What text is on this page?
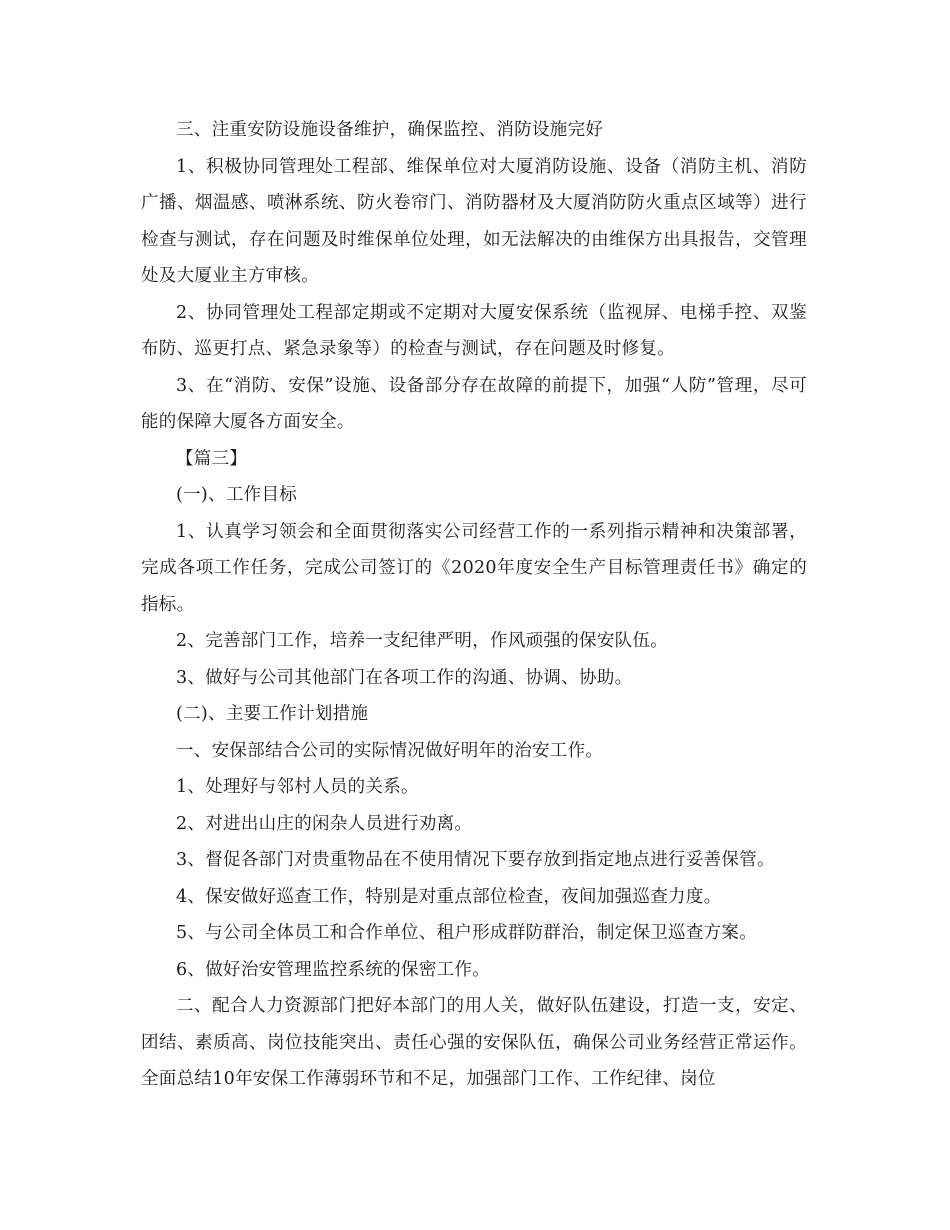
三、注重安防设施设备维护，确保监控、消防设施完好

1、积极协同管理处工程部、维保单位对大厦消防设施、设备（消防主机、消防广播、烟温感、喷淋系统、防火卷帘门、消防器材及大厦消防防火重点区域等）进行检查与测试，存在问题及时维保单位处理，如无法解决的由维保方出具报告，交管理处及大厦业主方审核。

2、协同管理处工程部定期或不定期对大厦安保系统（监视屏、电梯手控、双鉴布防、巡更打点、紧急录象等）的检查与测试，存在问题及时修复。

3、在“消防、安保”设施、设备部分存在故障的前提下，加强“人防”管理，尽可能的保障大厦各方面安全。

【篇三】

(一)、工作目标

1、认真学习领会和全面贯彻落实公司经营工作的一系列指示精神和决策部署，完成各项工作任务，完成公司签订的《2020年度安全生产目标管理责任书》确定的指标。

2、完善部门工作，培养一支纪律严明，作风顽强的保安队伍。

3、做好与公司其他部门在各项工作的沟通、协调、协助。

(二)、主要工作计划措施

一、安保部结合公司的实际情况做好明年的治安工作。

1、处理好与邻村人员的关系。

2、对进出山庄的闲杂人员进行劝离。

3、督促各部门对贵重物品在不使用情况下要存放到指定地点进行妥善保管。

4、保安做好巡查工作，特别是对重点部位检查，夜间加强巡查力度。

5、与公司全体员工和合作单位、租户形成群防群治，制定保卫巡查方案。

6、做好治安管理监控系统的保密工作。

二、配合人力资源部门把好本部门的用人关，做好队伍建设，打造一支，安定、团结、素质高、岗位技能突出、责任心强的安保队伍，确保公司业务经营正常运作。全面总结10年安保工作薄弱环节和不足，加强部门工作、工作纪律、岗位
